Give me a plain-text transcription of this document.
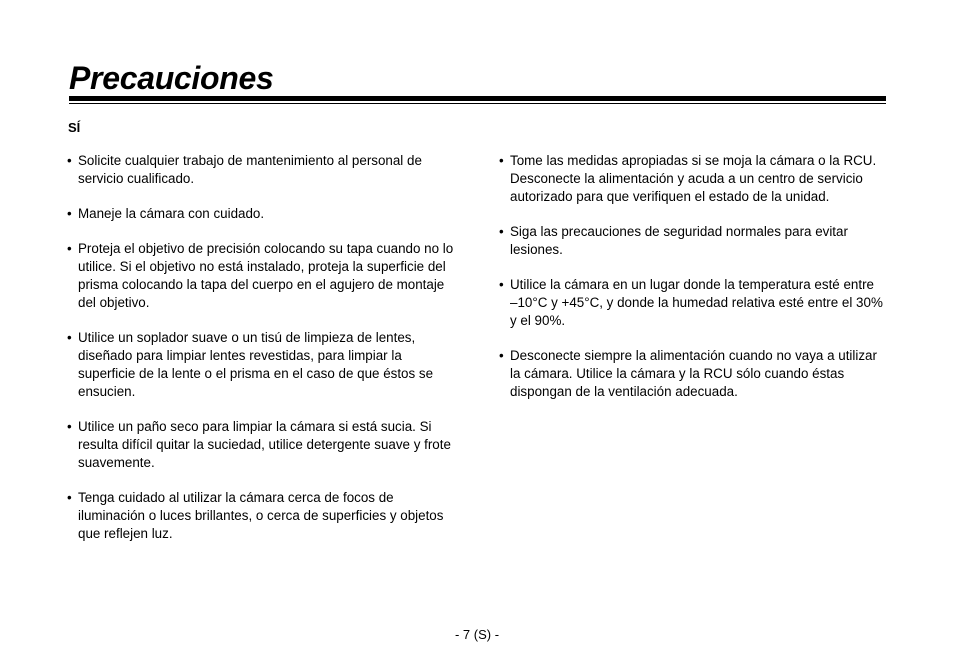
Precauciones
SÍ
• Solicite cualquier trabajo de mantenimiento al personal de servicio cualificado.
• Maneje la cámara con cuidado.
• Proteja el objetivo de precisión colocando su tapa cuando no lo utilice. Si el objetivo no está instalado, proteja la superficie del prisma colocando la tapa del cuerpo en el agujero de montaje del objetivo.
• Utilice un soplador suave o un tisú de limpieza de lentes, diseñado para limpiar lentes revestidas, para limpiar la superficie de la lente o el prisma en el caso de que éstos se ensucien.
• Utilice un paño seco para limpiar la cámara si está sucia. Si resulta difícil quitar la suciedad, utilice detergente suave y frote suavemente.
• Tenga cuidado al utilizar la cámara cerca de focos de iluminación o luces brillantes, o cerca de superficies y objetos que reflejen luz.
• Tome las medidas apropiadas si se moja la cámara o la RCU. Desconecte la alimentación y acuda a un centro de servicio autorizado para que verifiquen el estado de la unidad.
• Siga las precauciones de seguridad normales para evitar lesiones.
• Utilice la cámara en un lugar donde la temperatura esté entre –10°C y +45°C, y donde la humedad relativa esté entre el 30% y el 90%.
• Desconecte siempre la alimentación cuando no vaya a utilizar la cámara. Utilice la cámara y la RCU sólo cuando éstas dispongan de la ventilación adecuada.
- 7 (S) -
